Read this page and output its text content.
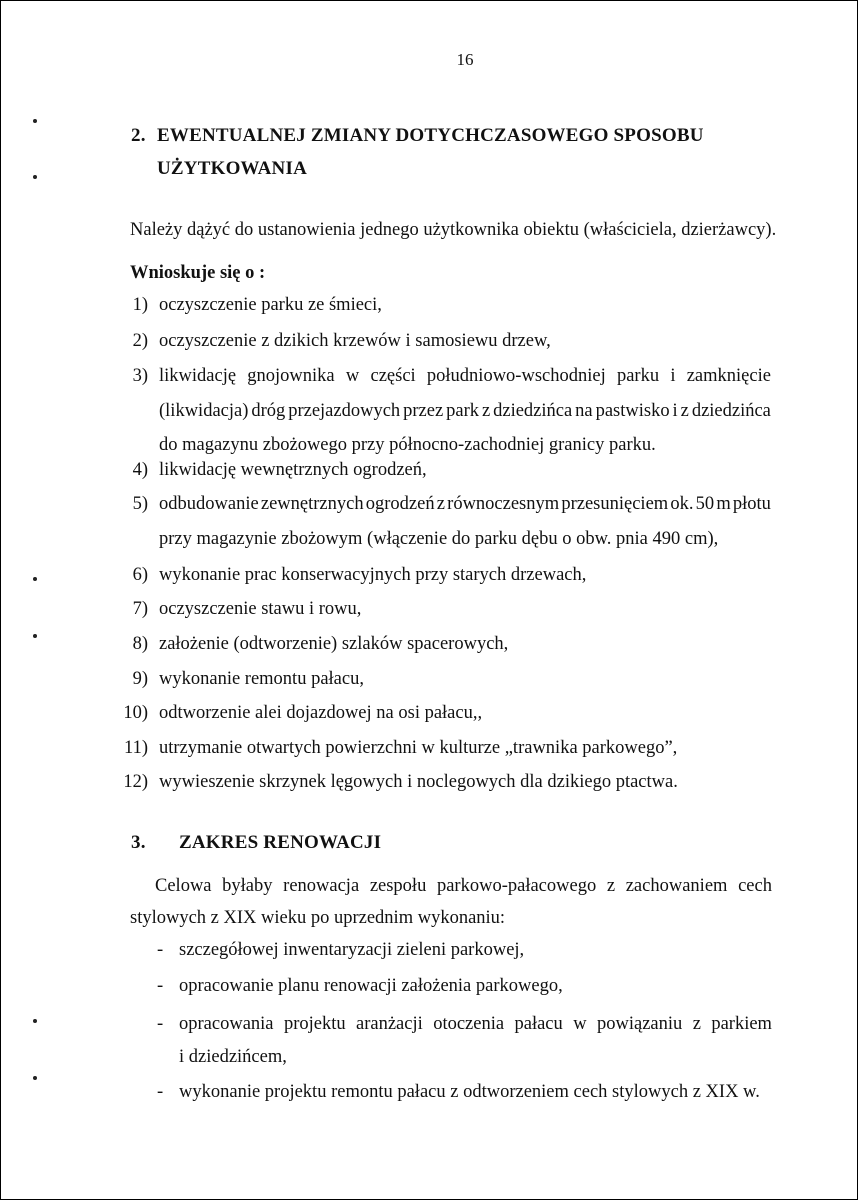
16
2. EWENTUALNEJ ZMIANY DOTYCHCZASOWEGO SPOSOBU
UŻYTKOWANIA
Należy dążyć do ustanowienia jednego użytkownika obiektu (właściciela, dzierżawcy).
Wnioskuje się o :
1) oczyszczenie parku ze śmieci,
2) oczyszczenie z dzikich krzewów i samosiewu drzew,
3) likwidację gnojownika w części południowo-wschodniej parku i zamknięcie
(likwidacja) dróg przejazdowych przez park z dziedzińca na pastwisko i z dziedzińca
do magazynu zbożowego przy północno-zachodniej granicy parku.
4) likwidację wewnętrznych ogrodzeń,
5) odbudowanie zewnętrznych ogrodzeń z równoczesnym przesunięciem ok. 50 m płotu
przy magazynie zbożowym (włączenie do parku dębu o obw. pnia 490 cm),
6) wykonanie prac konserwacyjnych przy starych drzewach,
7) oczyszczenie stawu i rowu,
8) założenie (odtworzenie) szlaków spacerowych,
9) wykonanie remontu pałacu,
10) odtworzenie alei dojazdowej na osi pałacu,,
11) utrzymanie otwartych powierzchni w kulturze „trawnika parkowego”,
12) wywieszenie skrzynek lęgowych i noclegowych dla dzikiego ptactwa.
3. ZAKRES RENOWACJI
Celowa byłaby renowacja zespołu parkowo-pałacowego z zachowaniem cech
stylowych z XIX wieku po uprzednim wykonaniu:
- szczegółowej inwentaryzacji zieleni parkowej,
- opracowanie planu renowacji założenia parkowego,
- opracowania projektu aranżacji otoczenia pałacu w powiązaniu z parkiem
i dziedzińcem,
- wykonanie projektu remontu pałacu z odtworzeniem cech stylowych z XIX w.
